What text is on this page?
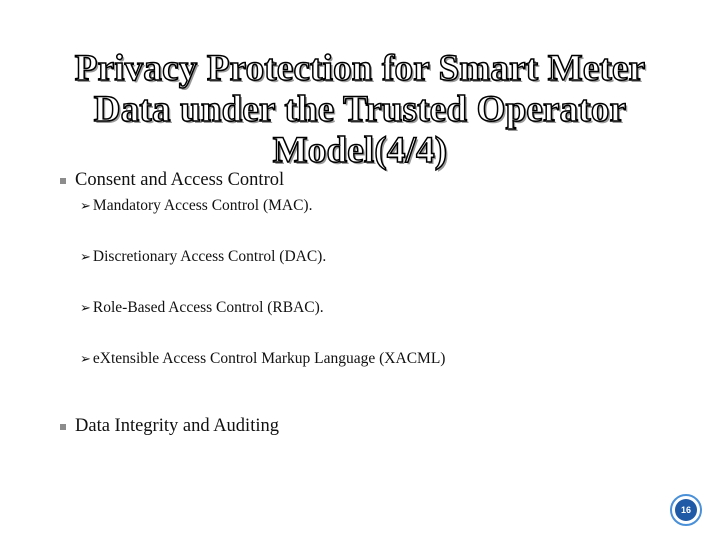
Privacy Protection for Smart Meter
Data under the Trusted Operator
Model(4/4)
Consent and Access Control
➢ Mandatory Access Control (MAC).
➢ Discretionary Access Control (DAC).
➢ Role-Based Access Control (RBAC).
➢ eXtensible Access Control Markup Language (XACML)
Data Integrity and Auditing
16
